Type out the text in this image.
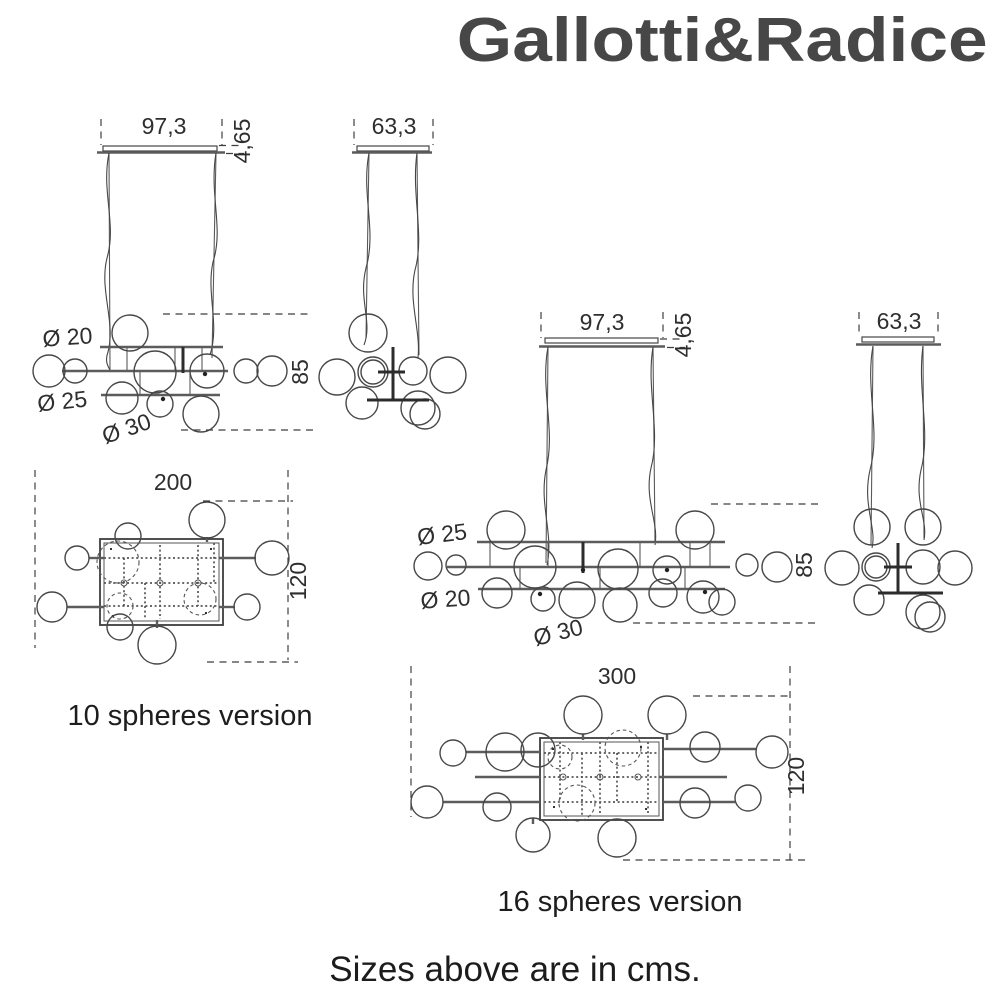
Gallotti&Radice
97,3 4,65
85
Ø 20
Ø 25
Ø 30
63,3
200
120
97,3 4,65
85
Ø 25
Ø 20
Ø 30
63,3
300
120
10 spheres version
16 spheres version
Sizes above are in cms.
